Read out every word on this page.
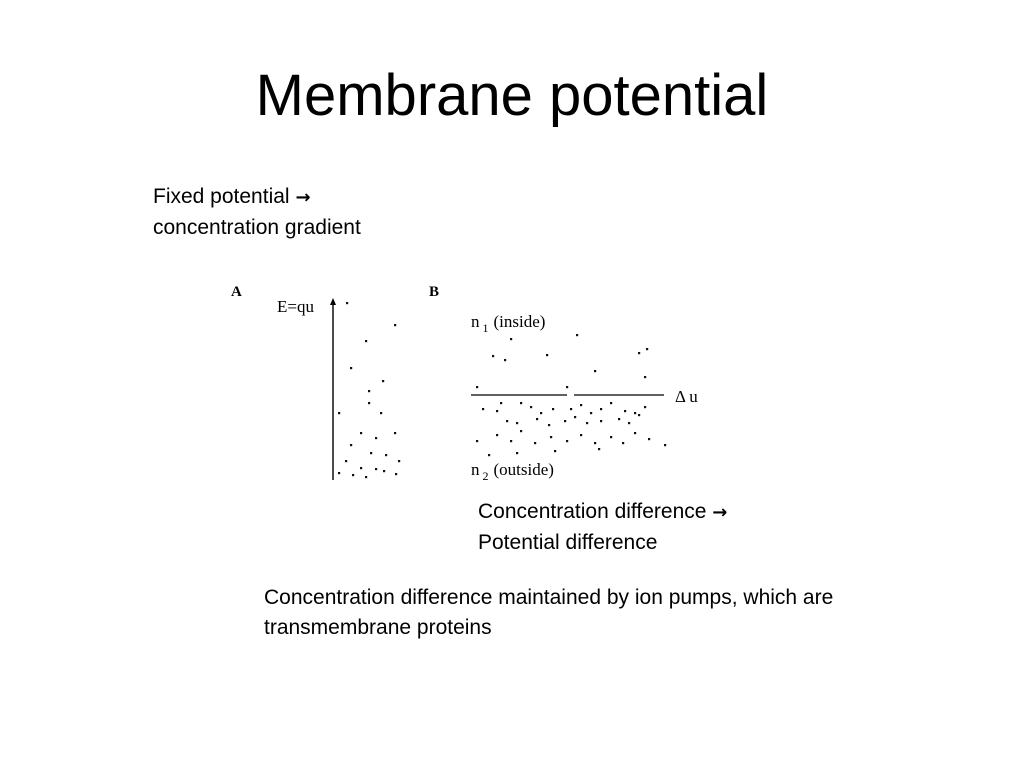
Membrane potential
Fixed potential →
concentration gradient
A
E=qu
B
n $_1$ (inside)
Δ u
n $_2$ (outside)
Concentration difference →
Potential difference
Concentration difference maintained by ion pumps, which are
transmembrane proteins
